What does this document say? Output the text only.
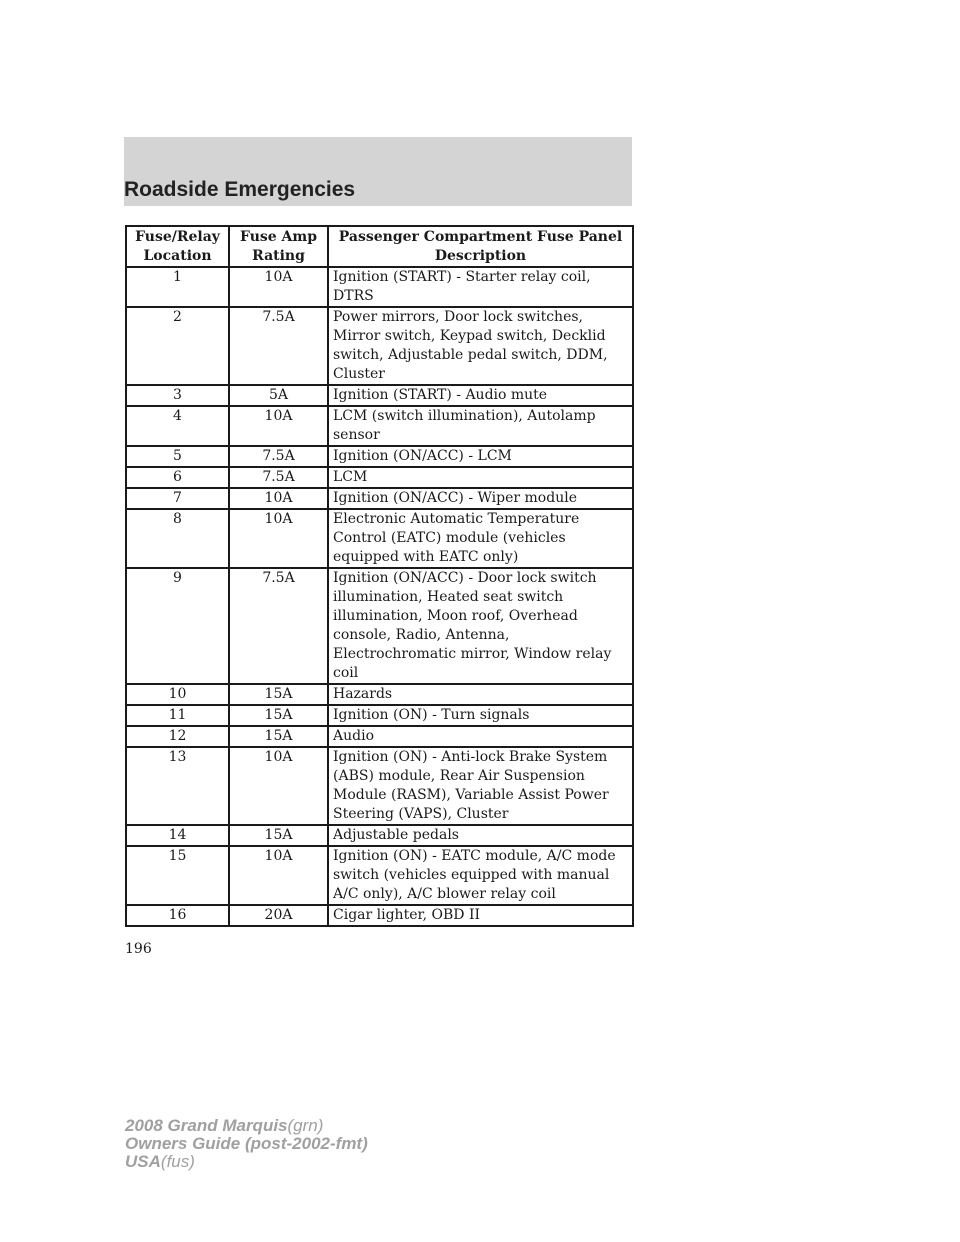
Roadside Emergencies
Fuse/Relay Location	Fuse Amp Rating	Passenger Compartment Fuse Panel Description
1	10A	Ignition (START) - Starter relay coil, DTRS
2	7.5A	Power mirrors, Door lock switches, Mirror switch, Keypad switch, Decklid switch, Adjustable pedal switch, DDM, Cluster
3	5A	Ignition (START) - Audio mute
4	10A	LCM (switch illumination), Autolamp sensor
5	7.5A	Ignition (ON/ACC) - LCM
6	7.5A	LCM
7	10A	Ignition (ON/ACC) - Wiper module
8	10A	Electronic Automatic Temperature Control (EATC) module (vehicles equipped with EATC only)
9	7.5A	Ignition (ON/ACC) - Door lock switch illumination, Heated seat switch illumination, Moon roof, Overhead console, Radio, Antenna, Electrochromatic mirror, Window relay coil
10	15A	Hazards
11	15A	Ignition (ON) - Turn signals
12	15A	Audio
13	10A	Ignition (ON) - Anti-lock Brake System (ABS) module, Rear Air Suspension Module (RASM), Variable Assist Power Steering (VAPS), Cluster
14	15A	Adjustable pedals
15	10A	Ignition (ON) - EATC module, A/C mode switch (vehicles equipped with manual A/C only), A/C blower relay coil
16	20A	Cigar lighter, OBD II
196
2008 Grand Marquis(grn)
Owners Guide (post-2002-fmt)
USA(fus)
